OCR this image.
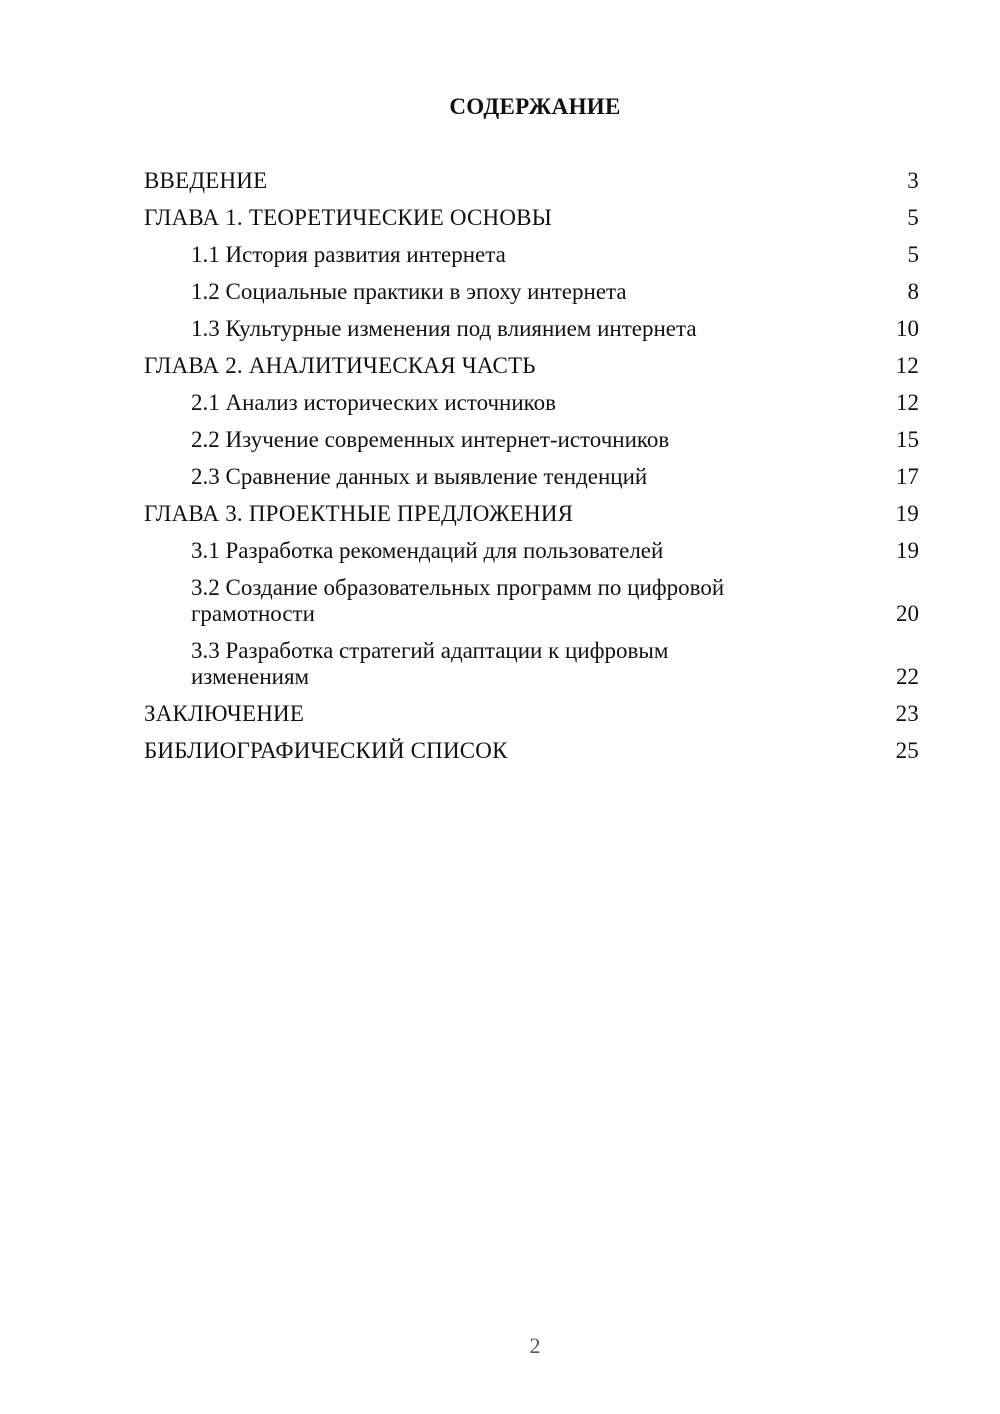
СОДЕРЖАНИЕ
ВВЕДЕНИЕ	3
ГЛАВА 1. ТЕОРЕТИЧЕСКИЕ ОСНОВЫ	5
1.1 История развития интернета	5
1.2 Социальные практики в эпоху интернета	8
1.3 Культурные изменения под влиянием интернета	10
ГЛАВА 2. АНАЛИТИЧЕСКАЯ ЧАСТЬ	12
2.1 Анализ исторических источников	12
2.2 Изучение современных интернет-источников	15
2.3 Сравнение данных и выявление тенденций	17
ГЛАВА 3. ПРОЕКТНЫЕ ПРЕДЛОЖЕНИЯ	19
3.1 Разработка рекомендаций для пользователей	19
3.2 Создание образовательных программ по цифровой грамотности	20
3.3 Разработка стратегий адаптации к цифровым изменениям	22
ЗАКЛЮЧЕНИЕ	23
БИБЛИОГРАФИЧЕСКИЙ СПИСОК	25
2
